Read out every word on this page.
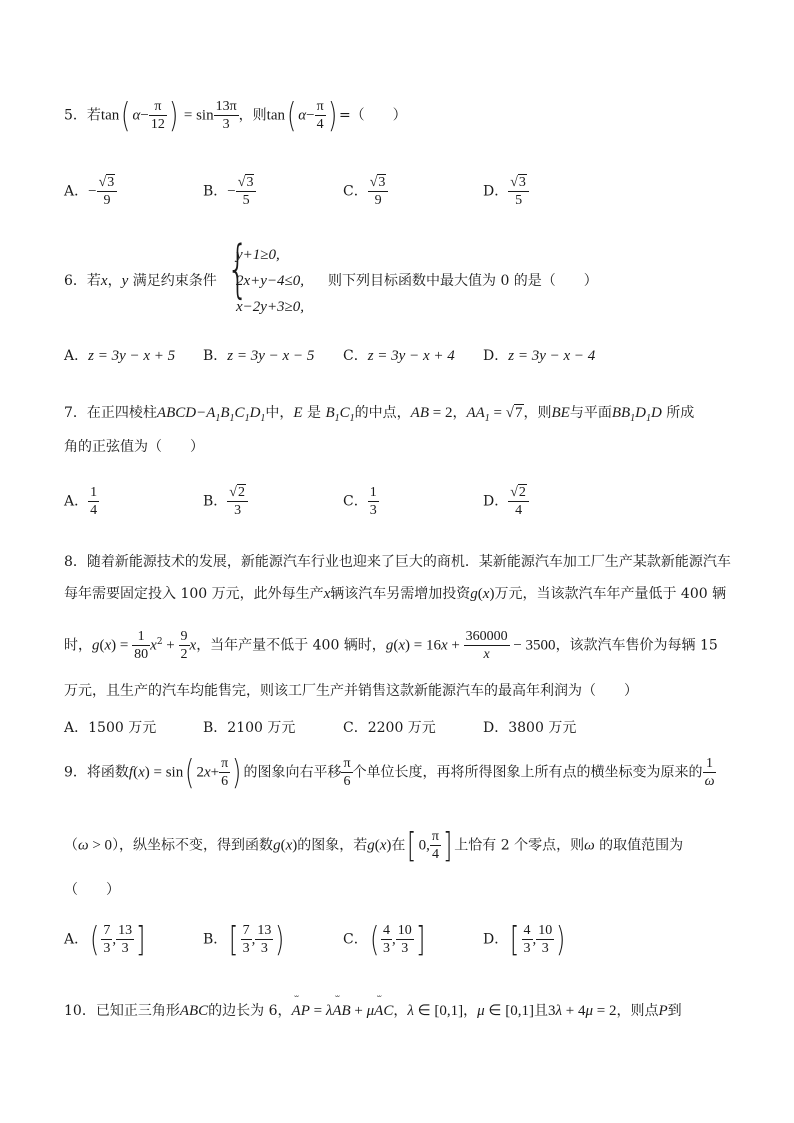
5．若tan( $\alpha- \frac{\pi}{12}$ ) = $\sin \frac{13\pi}{3}$ ，则tan( $\alpha- \frac{\pi}{4}$ ) =（　　）
A．− $\frac{√3}{9}$	B．− $\frac{√3}{5}$	C． $\frac{√3}{9}$	D． $\frac{√3}{5}$
6．若x，y 满足约束条件 {
y+1≥0,
2x+y−4≤0,
x−2y+3≥0,
则下列目标函数中最大值为 0 的是（　　）
A．z = 3y − x + 5 B．z = 3y − x − 5 C．z = 3y − x + 4 D．z = 3y − x − 4
7．在正四棱柱$ABCD-A_1B_1C_1D_1$中，E 是 $B_1C_1$的中点，AB = 2，$AA_1 = √7$，则BE与平面$BB_1D_1D$ 所成
角的正弦值为（　　）
A． $\frac{1}{4}$	B． $\frac{√2}{3}$	C． $\frac{1}{3}$	D． $\frac{√2}{4}$
8．随着新能源技术的发展，新能源汽车行业也迎来了巨大的商机．某新能源汽车加工厂生产某款新能源汽车
每年需要固定投入 100 万元，此外每生产x辆该汽车另需增加投资g(x)万元，当该款汽车年产量低于 400 辆
时，$g(x) = \frac{1}{80} x^2 + \frac{9}{2}$ x，当年产量不低于 400 辆时，$g(x) = 16x + \frac{360000}{x} - 3500$，该款汽车售价为每辆 15
万元，且生产的汽车均能售完，则该工厂生产并销售这款新能源汽车的最高年利润为（　　）
A．1500 万元	B．2100 万元	C．2200 万元	D．3800 万元
9．将函数f(x) = sin( $2x+ \frac{\pi}{6}$ ) 的图象向右平移 $\frac{\pi}{6}$ 个单位长度，再将所得图象上所有点的横坐标变为原来的 $\frac{1}{\omega}$
（ω > 0），纵坐标不变，得到函数g(x)的图象，若g(x)在[ 0, $\frac{\pi}{4}$ ] 上恰有 2 个零点，则ω 的取值范围为
（　　）
A．( $\frac{7}{3}$ , $\frac{13}{3}$ ]	B．[ $\frac{7}{3}$ , $\frac{13}{3}$ )	C．( $\frac{4}{3}$ , $\frac{10}{3}$ ]	D．[ $\frac{4}{3}$ , $\frac{10}{3}$ )
10．已知正三角形ABC的边长为 6，˘˘ AP = λ˘˘ AB + μ˘˘ AC，λ ∈ [0,1]，μ ∈ [0,1]且3λ + 4μ = 2，则点P到
